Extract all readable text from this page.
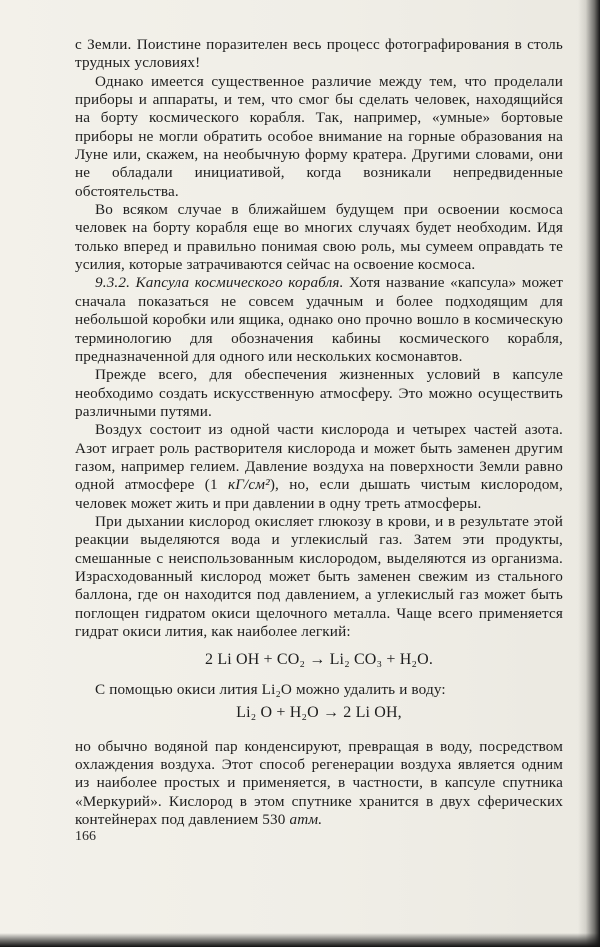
с Земли. Поистине поразителен весь процесс фотографирования в столь трудных условиях!

Однако имеется существенное различие между тем, что проделали приборы и аппараты, и тем, что смог бы сделать человек, находящийся на борту космического корабля. Так, например, «умные» бортовые приборы не могли обратить особое внимание на горные образования на Луне или, скажем, на необычную форму кратера. Другими словами, они не обладали инициативой, когда возникали непредвиденные обстоятельства.

Во всяком случае в ближайшем будущем при освоении космоса человек на борту корабля еще во многих случаях будет необходим. Идя только вперед и правильно понимая свою роль, мы сумеем оправдать те усилия, которые затрачиваются сейчас на освоение космоса.

9.3.2. Капсула космического корабля. Хотя название «капсула» может сначала показаться не совсем удачным и более подходящим для небольшой коробки или ящика, однако оно прочно вошло в космическую терминологию для обозначения кабины космического корабля, предназначенной для одного или нескольких космонавтов.

Прежде всего, для обеспечения жизненных условий в капсуле необходимо создать искусственную атмосферу. Это можно осуществить различными путями.

Воздух состоит из одной части кислорода и четырех частей азота. Азот играет роль растворителя кислорода и может быть заменен другим газом, например гелием. Давление воздуха на поверхности Земли равно одной атмосфере (1 кГ/см²), но, если дышать чистым кислородом, человек может жить и при давлении в одну треть атмосферы.

При дыхании кислород окисляет глюкозу в крови, и в результате этой реакции выделяются вода и углекислый газ. Затем эти продукты, смешанные с неиспользованным кислородом, выделяются из организма. Израсходованный кислород может быть заменен свежим из стального баллона, где он находится под давлением, а углекислый газ может быть поглощен гидратом окиси щелочного металла. Чаще всего применяется гидрат окиси лития, как наиболее легкий:

2 Li OH + CO₂ → Li₂ CO₃ + H₂O.

С помощью окиси лития Li₂O можно удалить и воду:

Li₂ O + H₂O → 2 Li OH,

но обычно водяной пар конденсируют, превращая в воду, посредством охлаждения воздуха. Этот способ регенерации воздуха является одним из наиболее простых и применяется, в частности, в капсуле спутника «Меркурий». Кислород в этом спутнике хранится в двух сферических контейнерах под давлением 530 атм.

166
